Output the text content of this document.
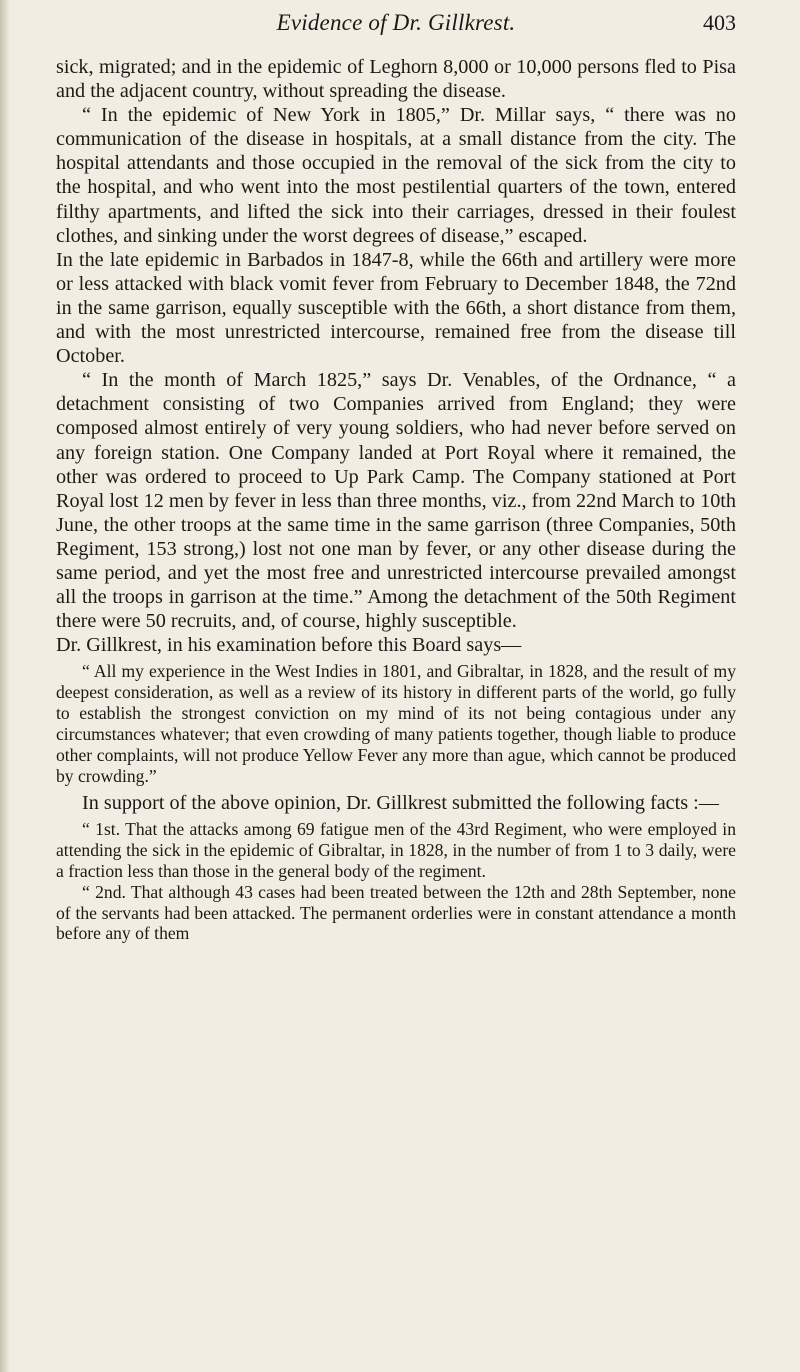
Evidence of Dr. Gillkrest.	403

sick, migrated; and in the epidemic of Leghorn 8,000 or 10,000 persons fled to Pisa and the adjacent country, without spreading the disease.

“ In the epidemic of New York in 1805,” Dr. Millar says, “ there was no communication of the disease in hospitals, at a small distance from the city. The hospital attendants and those occupied in the removal of the sick from the city to the hospital, and who went into the most pestilential quarters of the town, entered filthy apartments, and lifted the sick into their carriages, dressed in their foulest clothes, and sinking under the worst degrees of disease,” escaped.

In the late epidemic in Barbados in 1847-8, while the 66th and artillery were more or less attacked with black vomit fever from February to December 1848, the 72nd in the same garrison, equally susceptible with the 66th, a short distance from them, and with the most unrestricted intercourse, remained free from the disease till October.

“ In the month of March 1825,” says Dr. Venables, of the Ordnance, “ a detachment consisting of two Companies arrived from England; they were composed almost entirely of very young soldiers, who had never before served on any foreign station. One Company landed at Port Royal where it remained, the other was ordered to proceed to Up Park Camp. The Company stationed at Port Royal lost 12 men by fever in less than three months, viz., from 22nd March to 10th June, the other troops at the same time in the same garrison (three Companies, 50th Regiment, 153 strong,) lost not one man by fever, or any other disease during the same period, and yet the most free and unrestricted intercourse prevailed amongst all the troops in garrison at the time.” Among the detachment of the 50th Regiment there were 50 recruits, and, of course, highly susceptible.

Dr. Gillkrest, in his examination before this Board says—

“ All my experience in the West Indies in 1801, and Gibraltar, in 1828, and the result of my deepest consideration, as well as a review of its history in different parts of the world, go fully to establish the strongest conviction on my mind of its not being contagious under any circumstances whatever; that even crowding of many patients together, though liable to produce other complaints, will not produce Yellow Fever any more than ague, which cannot be produced by crowding.”

In support of the above opinion, Dr. Gillkrest submitted the following facts :—

“ 1st. That the attacks among 69 fatigue men of the 43rd Regiment, who were employed in attending the sick in the epidemic of Gibraltar, in 1828, in the number of from 1 to 3 daily, were a fraction less than those in the general body of the regiment.

“ 2nd. That although 43 cases had been treated between the 12th and 28th September, none of the servants had been attacked. The permanent orderlies were in constant attendance a month before any of them
